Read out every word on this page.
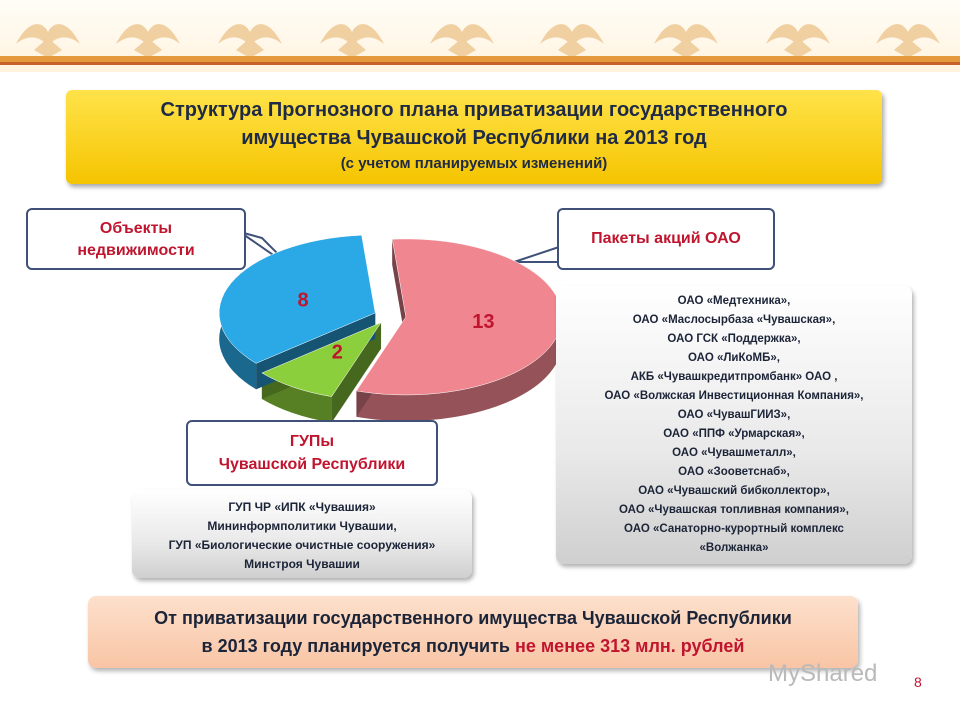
Структура Прогнозного плана приватизации государственного
имущества Чувашской Республики на 2013 год
(с учетом планируемых изменений)
13
2
8
Объекты
недвижимости
Пакеты акций ОАО
ГУПы
Чувашской Республики
ГУП ЧР «ИПК «Чувашия»
Мининформполитики Чувашии,
ГУП «Биологические очистные сооружения»
Минстроя Чувашии
ОАО «Медтехника»,
ОАО «Маслосырбаза «Чувашская»,
ОАО ГСК «Поддержка»,
ОАО «ЛиКоМБ»,
АКБ «Чувашкредитпромбанк» ОАО ,
ОАО «Волжская Инвестиционная Компания»,
ОАО «ЧувашГИИЗ»,
ОАО «ППФ «Урмарская»,
ОАО «Чувашметалл»,
ОАО «Зооветснаб»,
ОАО «Чувашский бибколлектор»,
ОАО «Чувашская топливная компания»,
ОАО «Санаторно-курортный комплекс
«Волжанка»
От приватизации государственного имущества Чувашской Республики
в 2013 году планируется получить не менее 313 млн. рублей
MyShared	8
